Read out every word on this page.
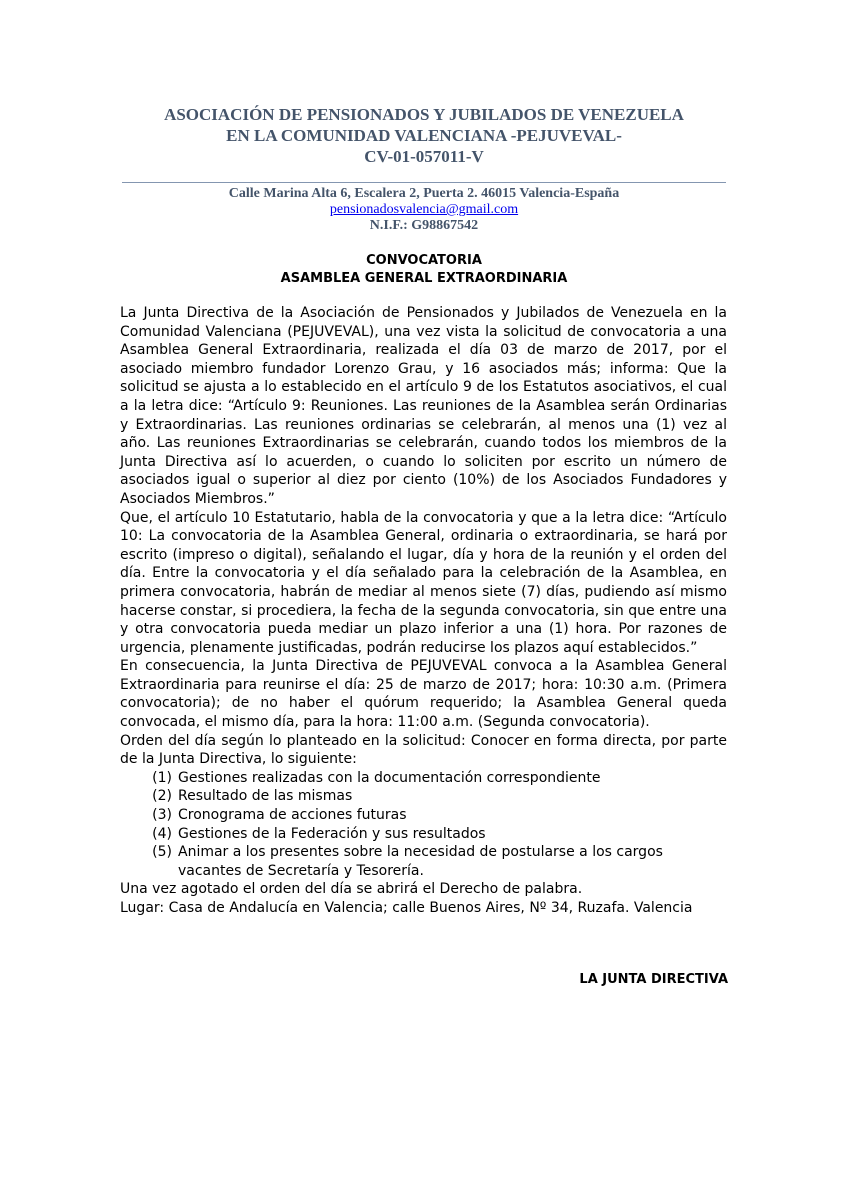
ASOCIACIÓN DE PENSIONADOS Y JUBILADOS DE VENEZUELA
EN LA COMUNIDAD VALENCIANA -PEJUVEVAL-
CV-01-057011-V
Calle Marina Alta 6, Escalera 2, Puerta 2. 46015 Valencia-España
pensionadosvalencia@gmail.com
N.I.F.: G98867542
CONVOCATORIA
ASAMBLEA GENERAL EXTRAORDINARIA

La Junta Directiva de la Asociación de Pensionados y Jubilados de Venezuela en la Comunidad Valenciana (PEJUVEVAL), una vez vista la solicitud de convocatoria a una Asamblea General Extraordinaria, realizada el día 03 de marzo de 2017, por el asociado miembro fundador Lorenzo Grau, y 16 asociados más; informa: Que la solicitud se ajusta a lo establecido en el artículo 9 de los Estatutos asociativos, el cual a la letra dice: “Artículo 9: Reuniones. Las reuniones de la Asamblea serán Ordinarias y Extraordinarias. Las reuniones ordinarias se celebrarán, al menos una (1) vez al año. Las reuniones Extraordinarias se celebrarán, cuando todos los miembros de la Junta Directiva así lo acuerden, o cuando lo soliciten por escrito un número de asociados igual o superior al diez por ciento (10%) de los Asociados Fundadores y Asociados Miembros.”

Que, el artículo 10 Estatutario, habla de la convocatoria y que a la letra dice: “Artículo 10: La convocatoria de la Asamblea General, ordinaria o extraordinaria, se hará por escrito (impreso o digital), señalando el lugar, día y hora de la reunión y el orden del día. Entre la convocatoria y el día señalado para la celebración de la Asamblea, en primera convocatoria, habrán de mediar al menos siete (7) días, pudiendo así mismo hacerse constar, si procediera, la fecha de la segunda convocatoria, sin que entre una y otra convocatoria pueda mediar un plazo inferior a una (1) hora. Por razones de urgencia, plenamente justificadas, podrán reducirse los plazos aquí establecidos.”

En consecuencia, la Junta Directiva de PEJUVEVAL convoca a la Asamblea General Extraordinaria para reunirse el día: 25 de marzo de 2017; hora: 10:30 a.m. (Primera convocatoria); de no haber el quórum requerido; la Asamblea General queda convocada, el mismo día, para la hora: 11:00 a.m. (Segunda convocatoria).

Orden del día según lo planteado en la solicitud: Conocer en forma directa, por parte de la Junta Directiva, lo siguiente:

(1) Gestiones realizadas con la documentación correspondiente
(2) Resultado de las mismas
(3) Cronograma de acciones futuras
(4) Gestiones de la Federación y sus resultados
(5) Animar a los presentes sobre la necesidad de postularse a los cargos vacantes de Secretaría y Tesorería.

Una vez agotado el orden del día se abrirá el Derecho de palabra.

Lugar: Casa de Andalucía en Valencia; calle Buenos Aires, Nº 34, Ruzafa. Valencia

LA JUNTA DIRECTIVA
